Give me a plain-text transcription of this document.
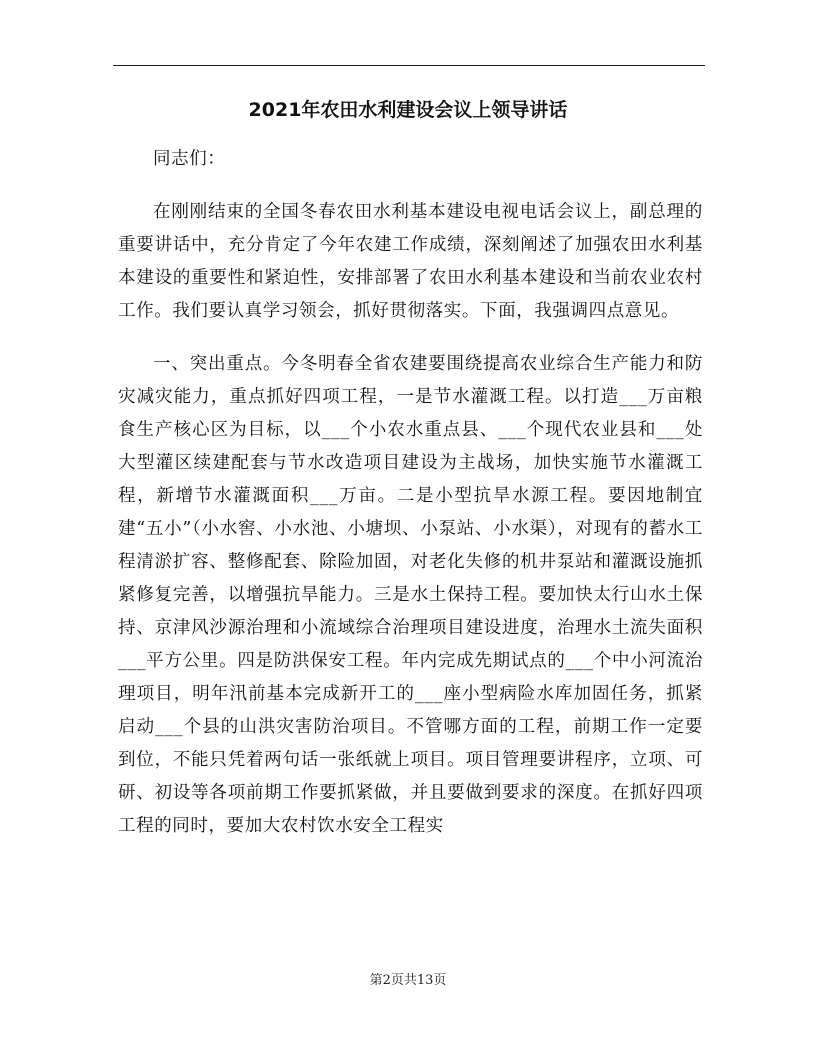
2021年农田水利建设会议上领导讲话

同志们：

在刚刚结束的全国冬春农田水利基本建设电视电话会议上，副总理的重要讲话中，充分肯定了今年农建工作成绩，深刻阐述了加强农田水利基本建设的重要性和紧迫性，安排部署了农田水利基本建设和当前农业农村工作。我们要认真学习领会，抓好贯彻落实。下面，我强调四点意见。

一、突出重点。今冬明春全省农建要围绕提高农业综合生产能力和防灾减灾能力，重点抓好四项工程，一是节水灌溉工程。以打造___万亩粮食生产核心区为目标，以___个小农水重点县、___个现代农业县和___处大型灌区续建配套与节水改造项目建设为主战场，加快实施节水灌溉工程，新增节水灌溉面积___万亩。二是小型抗旱水源工程。要因地制宜建“五小”（小水窖、小水池、小塘坝、小泵站、小水渠），对现有的蓄水工程清淤扩容、整修配套、除险加固，对老化失修的机井泵站和灌溉设施抓紧修复完善，以增强抗旱能力。三是水土保持工程。要加快太行山水土保持、京津风沙源治理和小流域综合治理项目建设进度，治理水土流失面积___平方公里。四是防洪保安工程。年内完成先期试点的___个中小河流治理项目，明年汛前基本完成新开工的___座小型病险水库加固任务，抓紧启动___个县的山洪灾害防治项目。不管哪方面的工程，前期工作一定要到位，不能只凭着两句话一张纸就上项目。项目管理要讲程序，立项、可研、初设等各项前期工作要抓紧做，并且要做到要求的深度。在抓好四项工程的同时，要加大农村饮水安全工程实

第2页共13页
